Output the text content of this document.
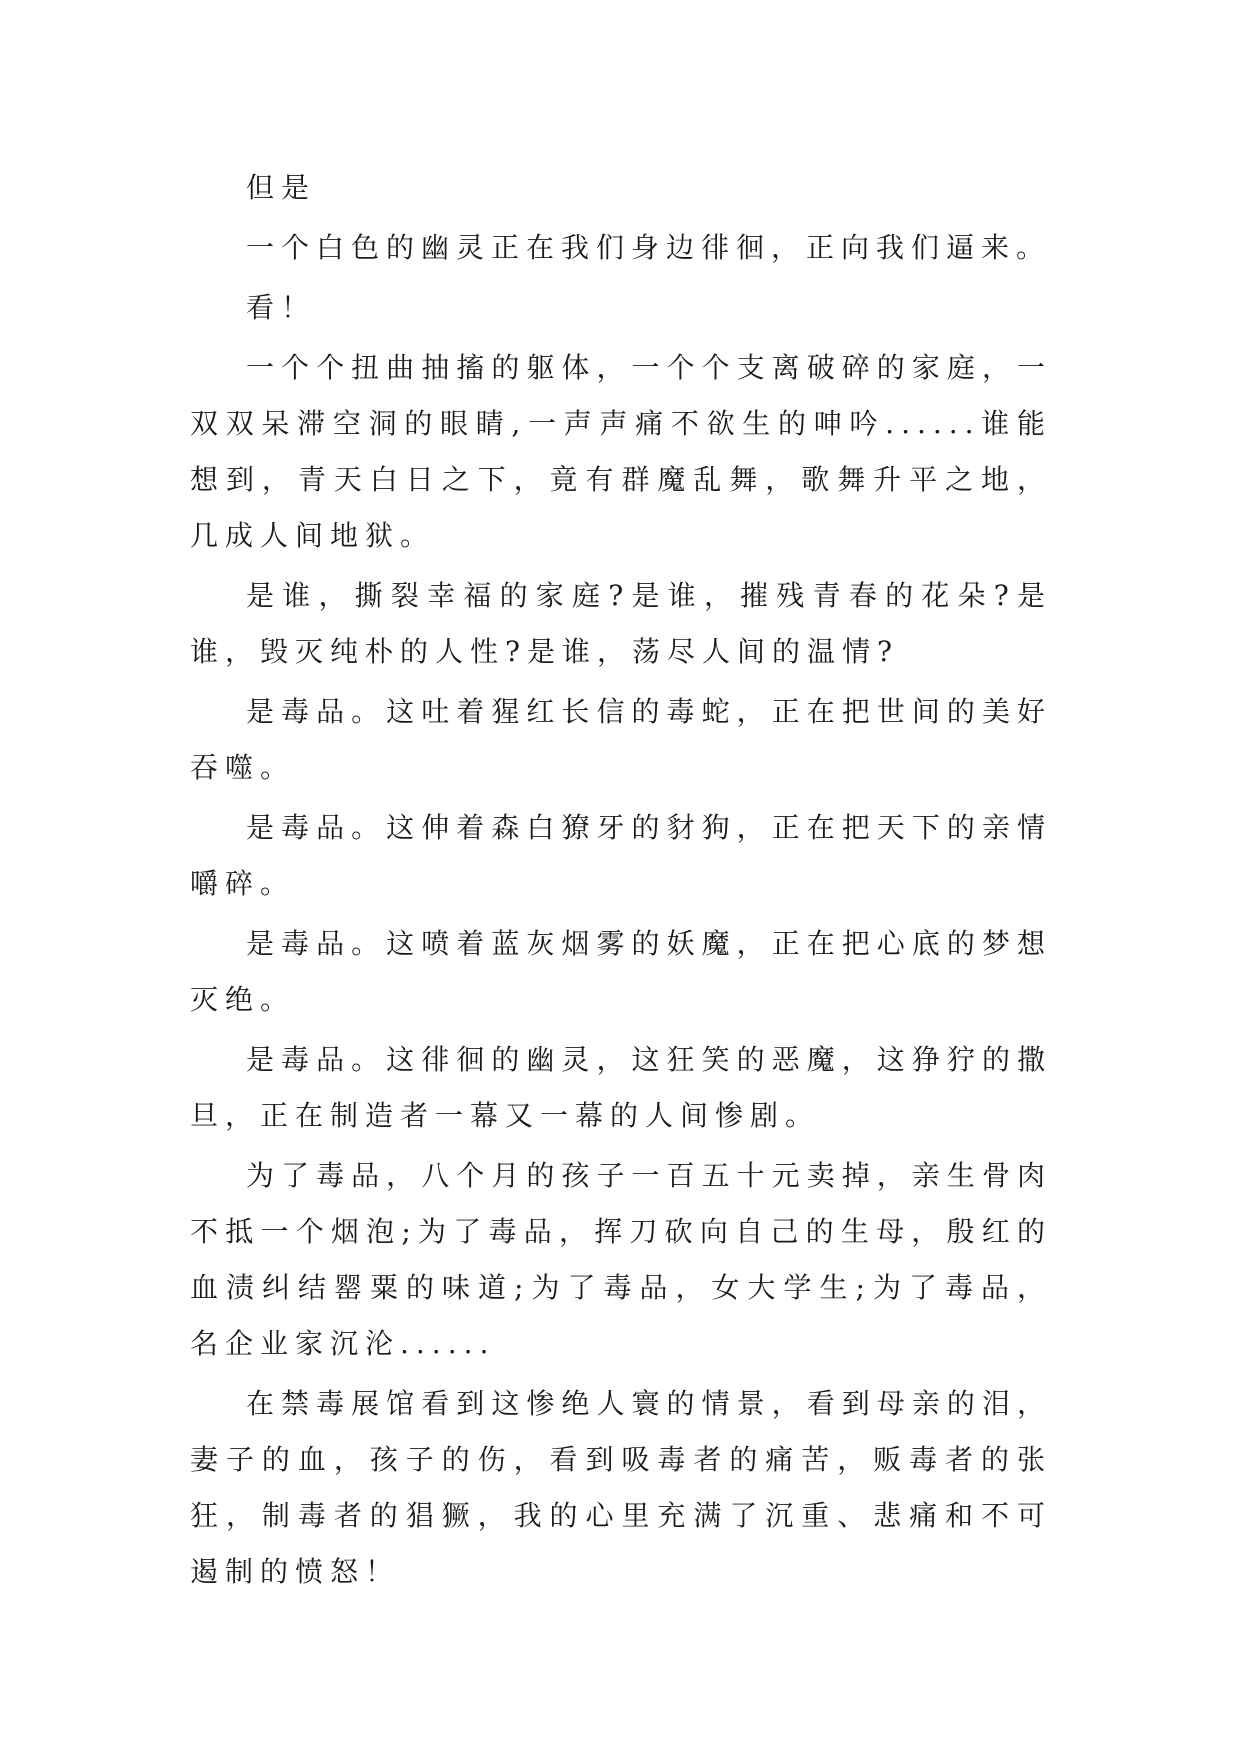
但是

一个白色的幽灵正在我们身边徘徊，正向我们逼来。

看！

一个个扭曲抽搐的躯体，一个个支离破碎的家庭，一双双呆滞空洞的眼睛,一声声痛不欲生的呻吟......谁能想到，青天白日之下，竟有群魔乱舞，歌舞升平之地，几成人间地狱。

是谁，撕裂幸福的家庭?是谁，摧残青春的花朵?是谁，毁灭纯朴的人性?是谁，荡尽人间的温情?

是毒品。这吐着猩红长信的毒蛇，正在把世间的美好吞噬。

是毒品。这伸着森白獠牙的豺狗，正在把天下的亲情嚼碎。

是毒品。这喷着蓝灰烟雾的妖魔，正在把心底的梦想灭绝。

是毒品。这徘徊的幽灵，这狂笑的恶魔，这狰狞的撒旦，正在制造者一幕又一幕的人间惨剧。

为了毒品，八个月的孩子一百五十元卖掉，亲生骨肉不抵一个烟泡;为了毒品，挥刀砍向自己的生母，殷红的血渍纠结罂粟的味道;为了毒品，女大学生;为了毒品，名企业家沉沦......

在禁毒展馆看到这惨绝人寰的情景，看到母亲的泪，妻子的血，孩子的伤，看到吸毒者的痛苦，贩毒者的张狂，制毒者的猖獗，我的心里充满了沉重、悲痛和不可遏制的愤怒！
